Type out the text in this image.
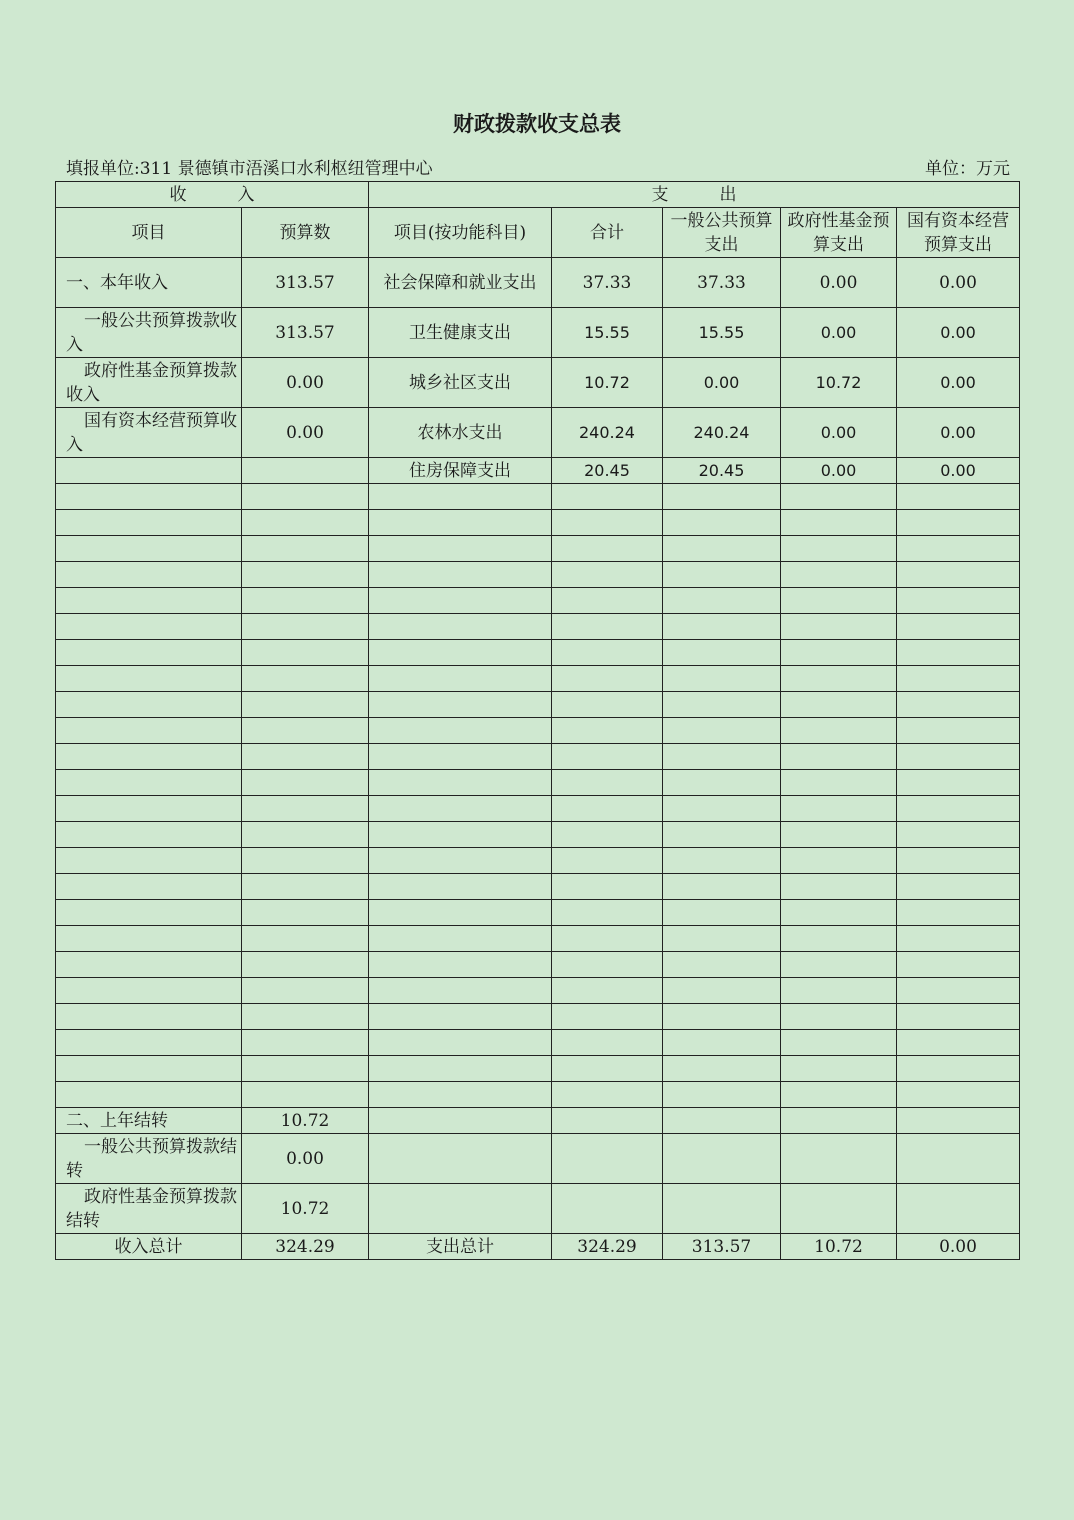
财政拨款收支总表
填报单位:311 景德镇市浯溪口水利枢纽管理中心	单位：万元
收　　　入		支　　　出				
项目	预算数	项目(按功能科目)	合计	一般公共预算支出	政府性基金预算支出	国有资本经营预算支出
一、本年收入	313.57	社会保障和就业支出	37.33	37.33	0.00	0.00
一般公共预算拨款收入	313.57	卫生健康支出	15.55	15.55	0.00	0.00
政府性基金预算拨款收入	0.00	城乡社区支出	10.72	0.00	10.72	0.00
国有资本经营预算收入	0.00	农林水支出	240.24	240.24	0.00	0.00
		住房保障支出	20.45	20.45	0.00	0.00

二、上年结转	10.72					
一般公共预算拨款结转	0.00					
政府性基金预算拨款结转	10.72					
收入总计	324.29	支出总计	324.29	313.57	10.72	0.00
